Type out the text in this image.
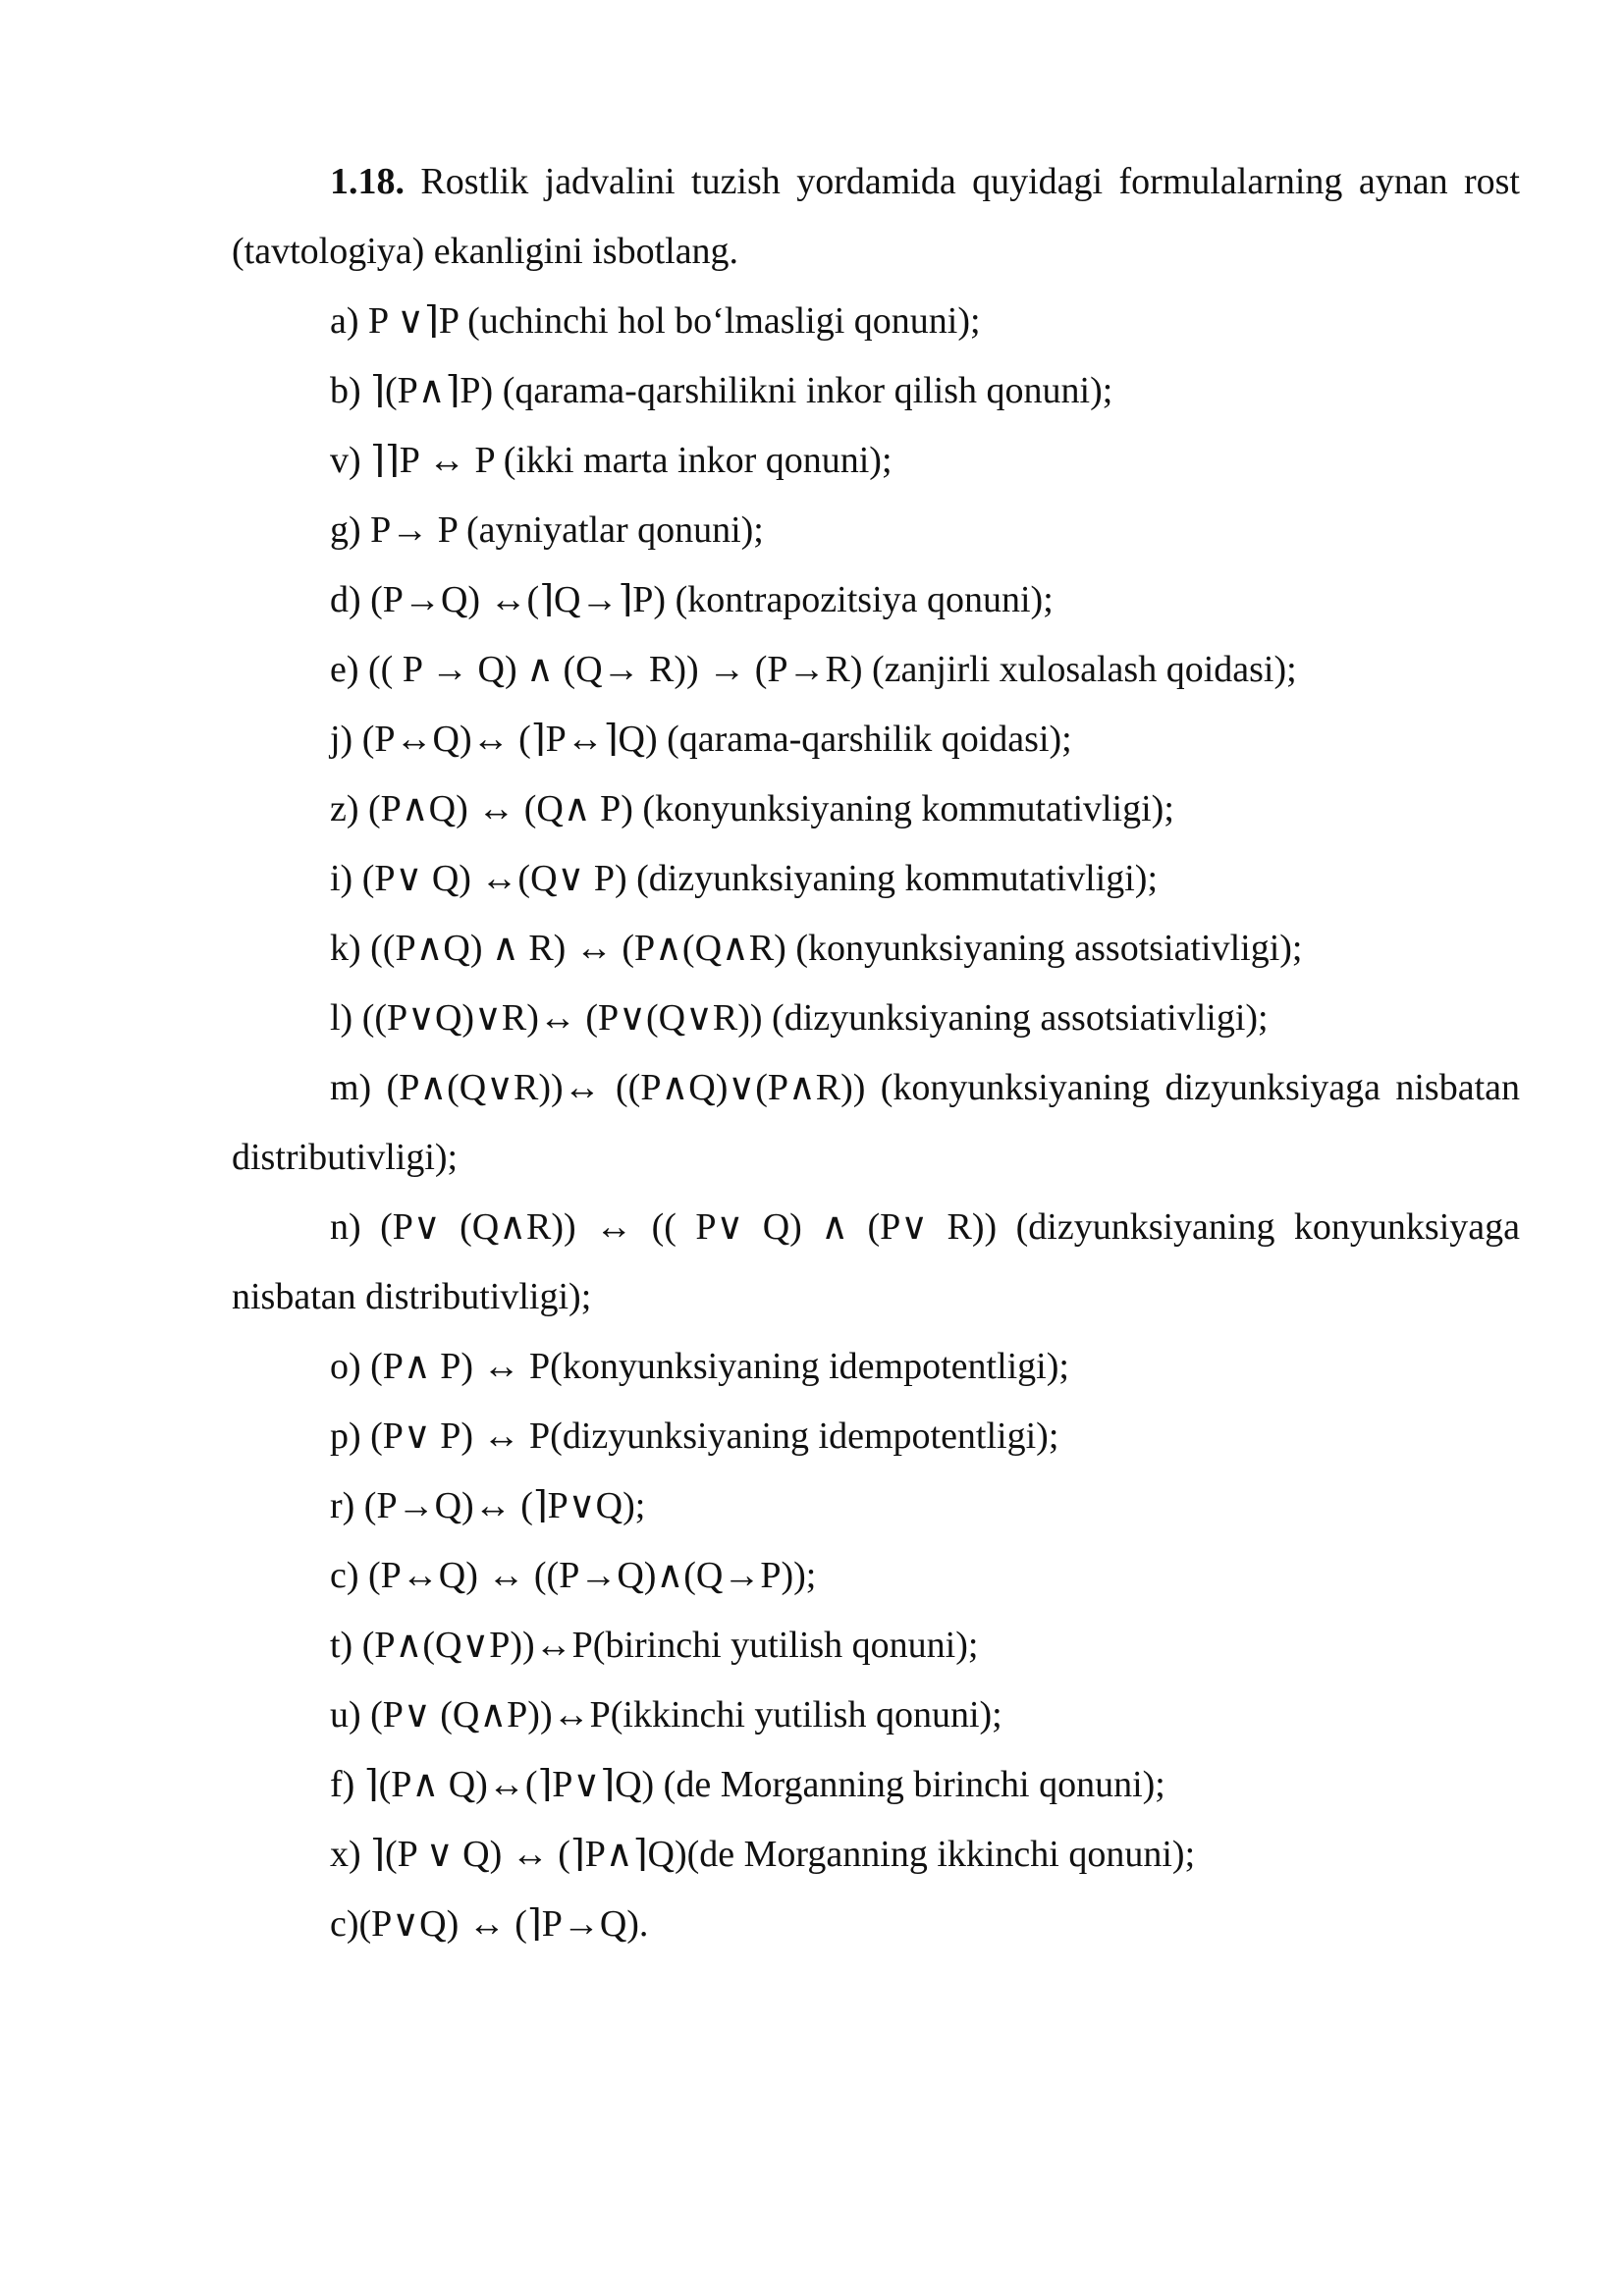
1.18. Rostlik jadvalini tuzish yordamida quyidagi formulalarning aynan rost (tavtologiya) ekanligini isbotlang.

a) P ∨⌉P (uchinchi hol bo‘lmasligi qonuni);

b) ⌉(P∧⌉P) (qarama-qarshilikni inkor qilish qonuni);

v) ⌉⌉P ↔ P (ikki marta inkor qonuni);

g) P→ P (ayniyatlar qonuni);

d) (P→Q) ↔(⌉Q→⌉P) (kontrapozitsiya qonuni);

e) (( P → Q) ∧ (Q→ R)) → (P→R) (zanjirli xulosalash qoidasi);

j) (P↔Q)↔ (⌉P↔⌉Q) (qarama-qarshilik qoidasi);

z) (P∧Q) ↔ (Q∧ P) (konyunksiyaning kommutativligi);

i) (P∨ Q) ↔(Q∨ P) (dizyunksiyaning kommutativligi);

k) ((P∧Q) ∧ R) ↔ (P∧(Q∧R) (konyunksiyaning assotsiativligi);

l) ((P∨Q)∨R)↔ (P∨(Q∨R)) (dizyunksiyaning assotsiativligi);

m) (P∧(Q∨R))↔ ((P∧Q)∨(P∧R)) (konyunksiyaning dizyunksiyaga nisbatan distributivligi);

n) (P∨ (Q∧R)) ↔ (( P∨ Q) ∧ (P∨ R)) (dizyunksiyaning konyunksiyaga nisbatan distributivligi);

o) (P∧ P) ↔ P(konyunksiyaning idempotentligi);

p) (P∨ P) ↔ P(dizyunksiyaning idempotentligi);

r) (P→Q)↔ (⌉P∨Q);

c) (P↔Q) ↔ ((P→Q)∧(Q→P));

t) (P∧(Q∨P))↔P(birinchi yutilish qonuni);

u) (P∨ (Q∧P))↔P(ikkinchi yutilish qonuni);

f) ⌉(P∧ Q)↔(⌉P∨⌉Q) (de Morganning birinchi qonuni);

x) ⌉(P ∨ Q) ↔ (⌉P∧⌉Q)(de Morganning ikkinchi qonuni);

c)(P∨Q) ↔ (⌉P→Q).
